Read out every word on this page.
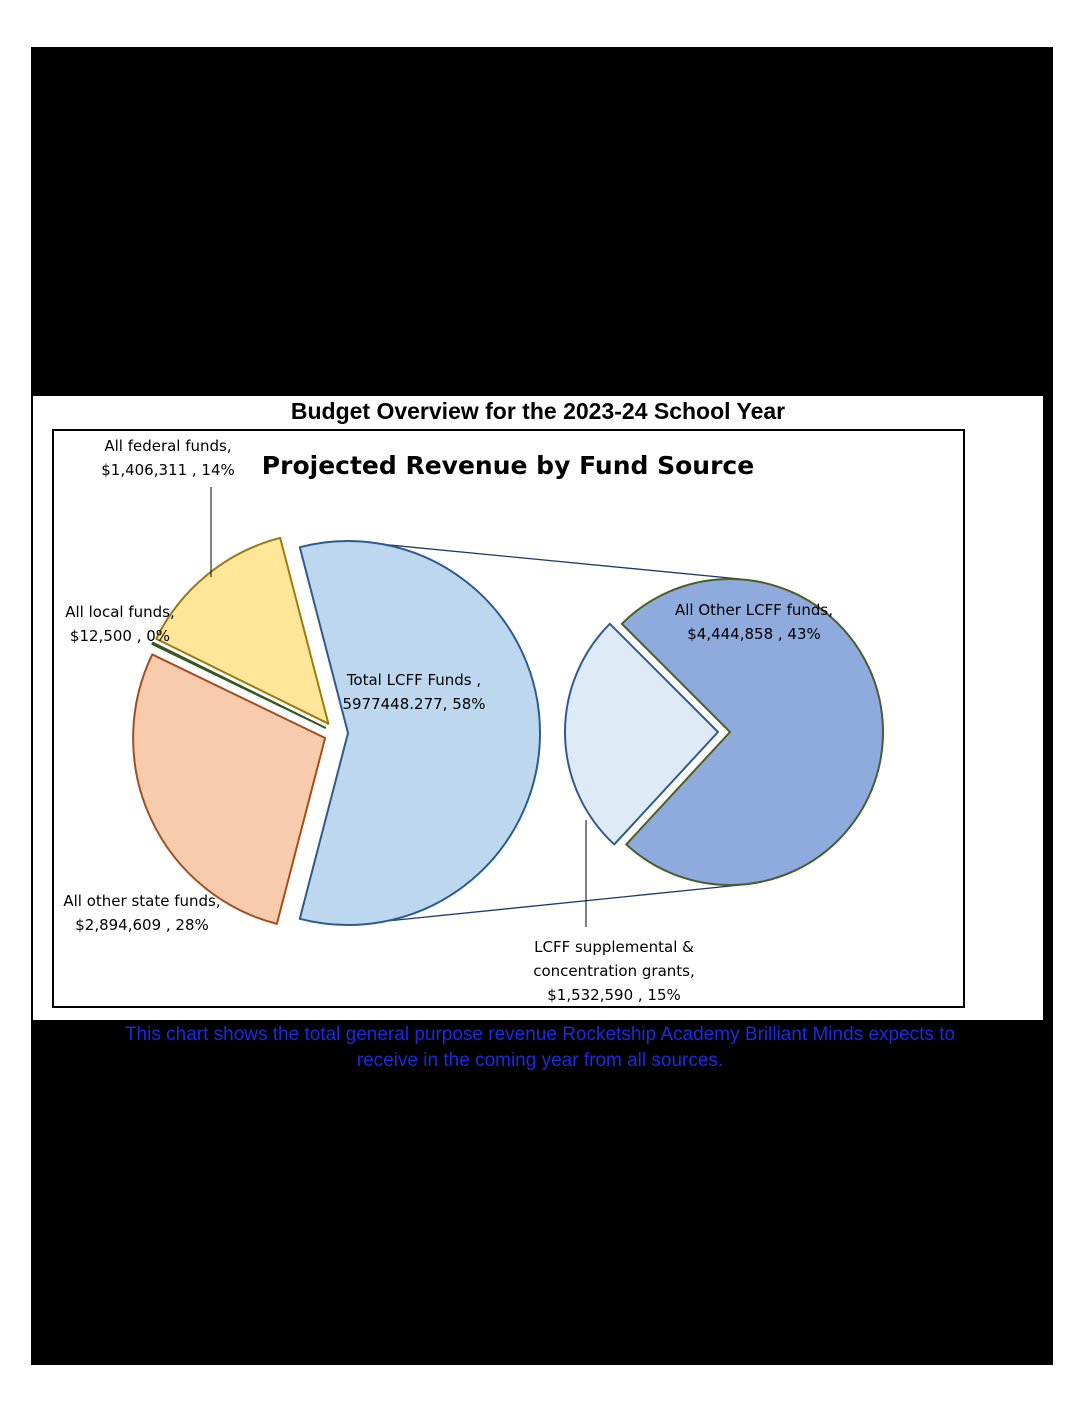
Budget Overview for the 2023-24 School Year
Projected Revenue by Fund Source
Total LCFF Funds , 5977448.277, 58%
All other state funds, $2,894,609 , 28%
All local funds, $12,500 , 0%
All federal funds, $1,406,311 , 14%
All Other LCFF funds, $4,444,858 , 43%
LCFF supplemental & concentration grants, $1,532,590 , 15%
This chart shows the total general purpose revenue Rocketship Academy Brilliant Minds expects to
receive in the coming year from all sources.
